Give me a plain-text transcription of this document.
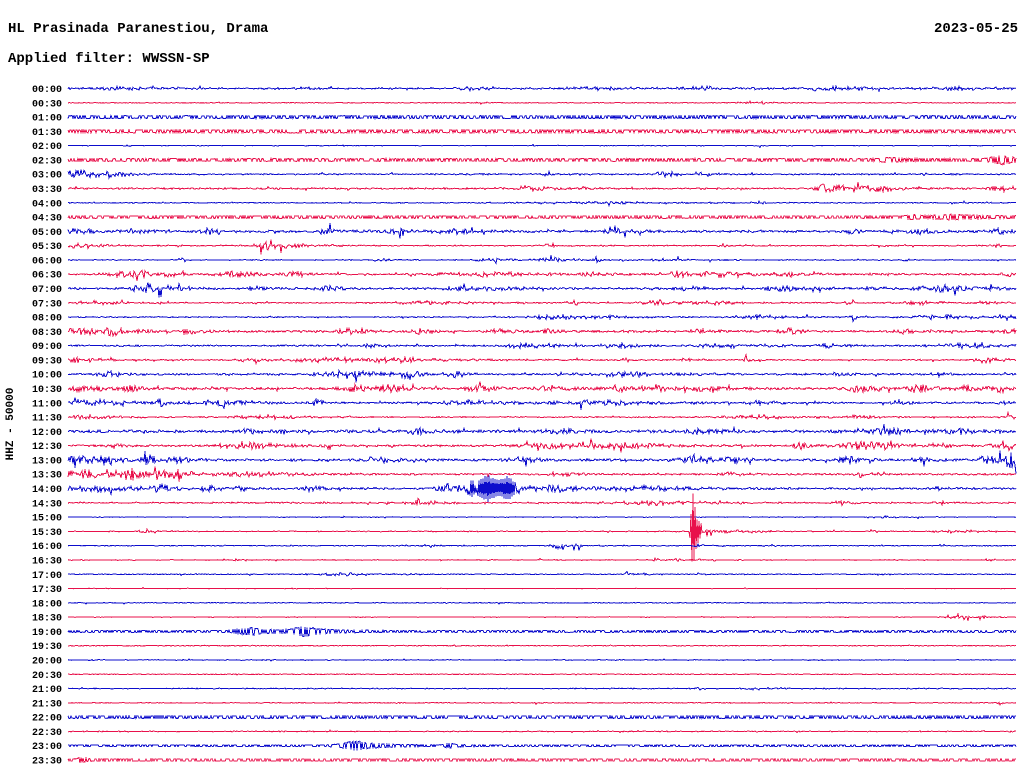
HL Prasinada Paranestiou, Drama	2023-05-25
Applied filter: WWSSN-SP
HHZ - 50000
00:00
00:30
01:00
01:30
02:00
02:30
03:00
03:30
04:00
04:30
05:00
05:30
06:00
06:30
07:00
07:30
08:00
08:30
09:00
09:30
10:00
10:30
11:00
11:30
12:00
12:30
13:00
13:30
14:00
14:30
15:00
15:30
16:00
16:30
17:00
17:30
18:00
18:30
19:00
19:30
20:00
20:30
21:00
21:30
22:00
22:30
23:00
23:30
